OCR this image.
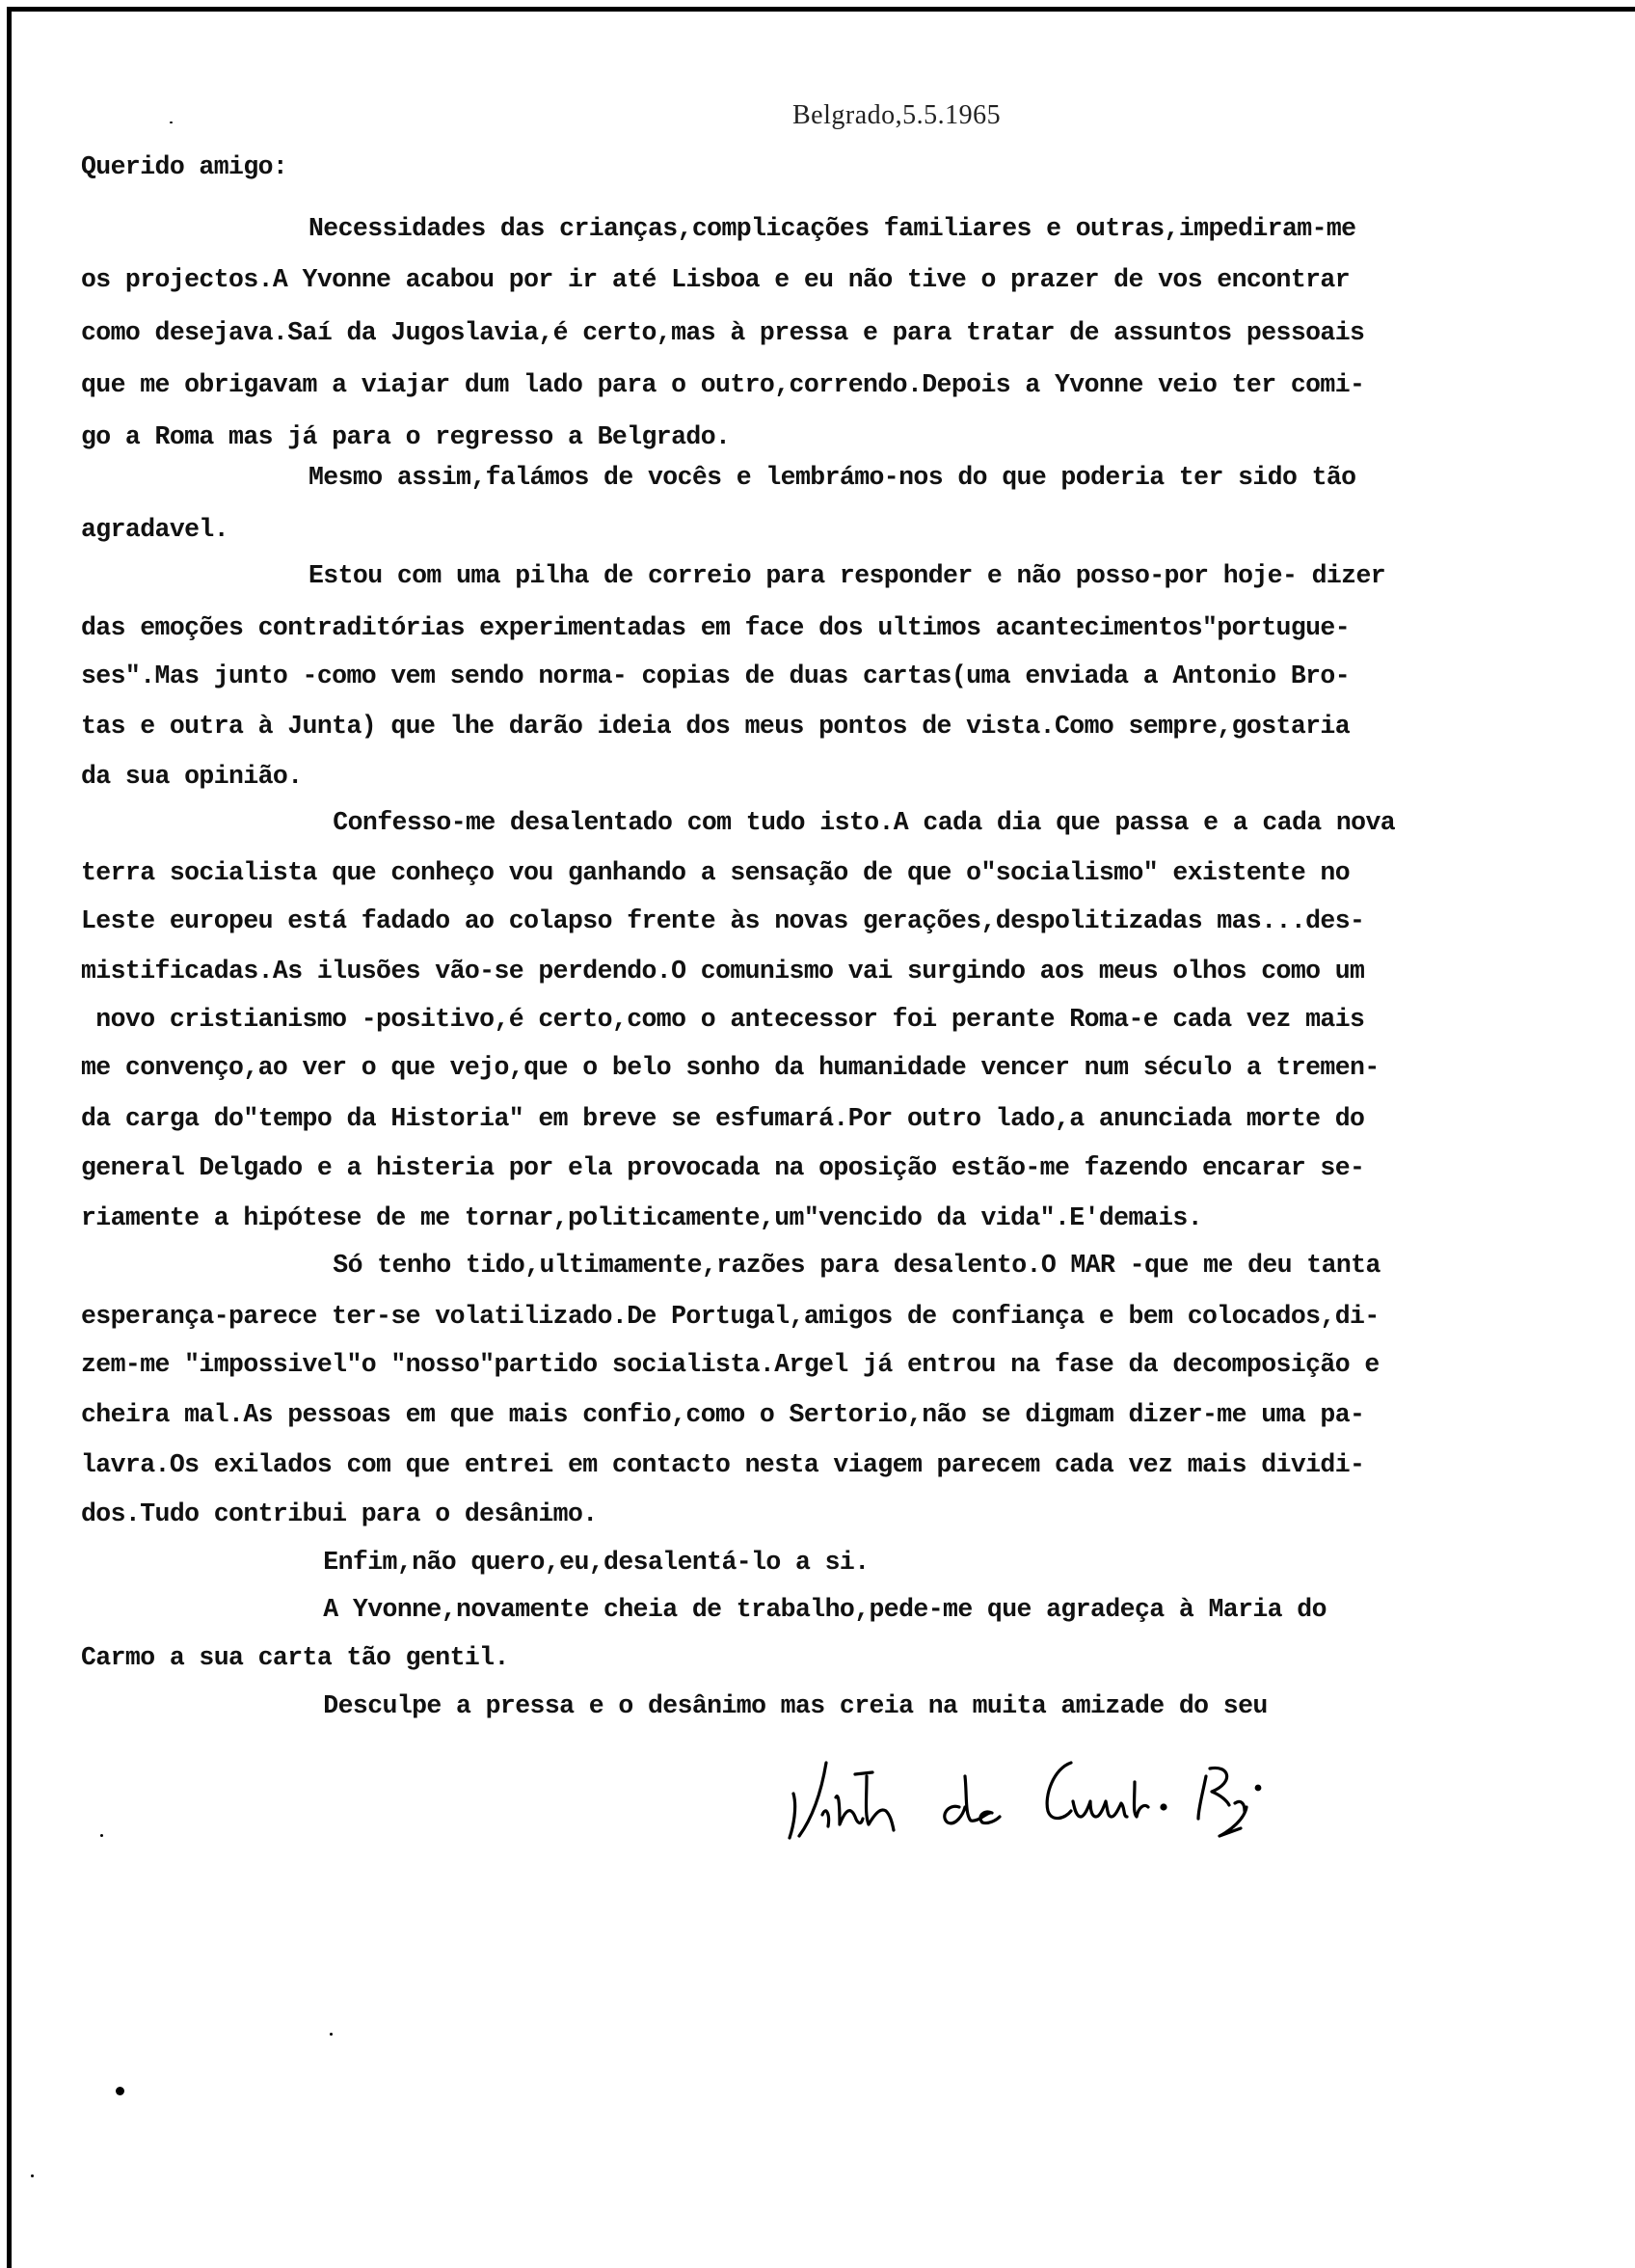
Belgrado,5.5.1965
Querido amigo:
Necessidades das crianças,complicações familiares e outras,impediram-me
os projectos.A Yvonne acabou por ir até Lisboa e eu não tive o prazer de vos encontrar
como desejava.Saí da Jugoslavia,é certo,mas à pressa e para tratar de assuntos pessoais
que me obrigavam a viajar dum lado para o outro,correndo.Depois a Yvonne veio ter comi-
go a Roma mas já para o regresso a Belgrado.
Mesmo assim,falámos de vocês e lembrámo-nos do que poderia ter sido tão
agradavel.
Estou com uma pilha de correio para responder e não posso-por hoje- dizer
das emoções contraditórias experimentadas em face dos ultimos acantecimentos"portugue-
ses".Mas junto -como vem sendo norma- copias de duas cartas(uma enviada a Antonio Bro-
tas e outra à Junta) que lhe darão ideia dos meus pontos de vista.Como sempre,gostaria
da sua opinião.
Confesso-me desalentado com tudo isto.A cada dia que passa e a cada nova
terra socialista que conheço vou ganhando a sensação de que o"socialismo" existente no
Leste europeu está fadado ao colapso frente às novas gerações,despolitizadas mas...des-
mistificadas.As ilusões vão-se perdendo.O comunismo vai surgindo aos meus olhos como um
novo cristianismo -positivo,é certo,como o antecessor foi perante Roma-e cada vez mais
me convenço,ao ver o que vejo,que o belo sonho da humanidade vencer num século a tremen-
da carga do"tempo da Historia" em breve se esfumará.Por outro lado,a anunciada morte do
general Delgado e a histeria por ela provocada na oposição estão-me fazendo encarar se-
riamente a hipótese de me tornar,politicamente,um"vencido da vida".E'demais.
Só tenho tido,ultimamente,razões para desalento.O MAR -que me deu tanta
esperança-parece ter-se volatilizado.De Portugal,amigos de confiança e bem colocados,di-
zem-me "impossivel"o "nosso"partido socialista.Argel já entrou na fase da decomposição e
cheira mal.As pessoas em que mais confio,como o Sertorio,não se digmam dizer-me uma pa-
lavra.Os exilados com que entrei em contacto nesta viagem parecem cada vez mais dividi-
dos.Tudo contribui para o desânimo.
Enfim,não quero,eu,desalentá-lo a si.
A Yvonne,novamente cheia de trabalho,pede-me que agradeça à Maria do
Carmo a sua carta tão gentil.
Desculpe a pressa e o desânimo mas creia na muita amizade do seu
